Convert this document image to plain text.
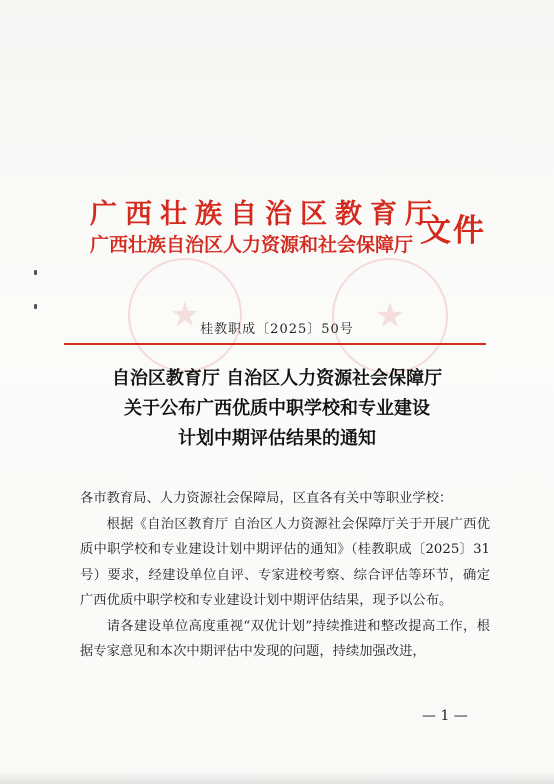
★	★
广西壮族自治区教育厅
广西壮族自治区人力资源和社会保障厅 文件
桂教职成〔2025〕50号
自治区教育厅 自治区人力资源社会保障厅
关于公布广西优质中职学校和专业建设
计划中期评估结果的通知

各市教育局、人力资源社会保障局，区直各有关中等职业学校：

根据《自治区教育厅 自治区人力资源社会保障厅关于开展广西优质中职学校和专业建设计划中期评估的通知》（桂教职成〔2025〕31号）要求，经建设单位自评、专家进校考察、综合评估等环节，确定广西优质中职学校和专业建设计划中期评估结果，现予以公布。

请各建设单位高度重视“双优计划”持续推进和整改提高工作，根据专家意见和本次中期评估中发现的问题，持续加强改进，

— 1 —
